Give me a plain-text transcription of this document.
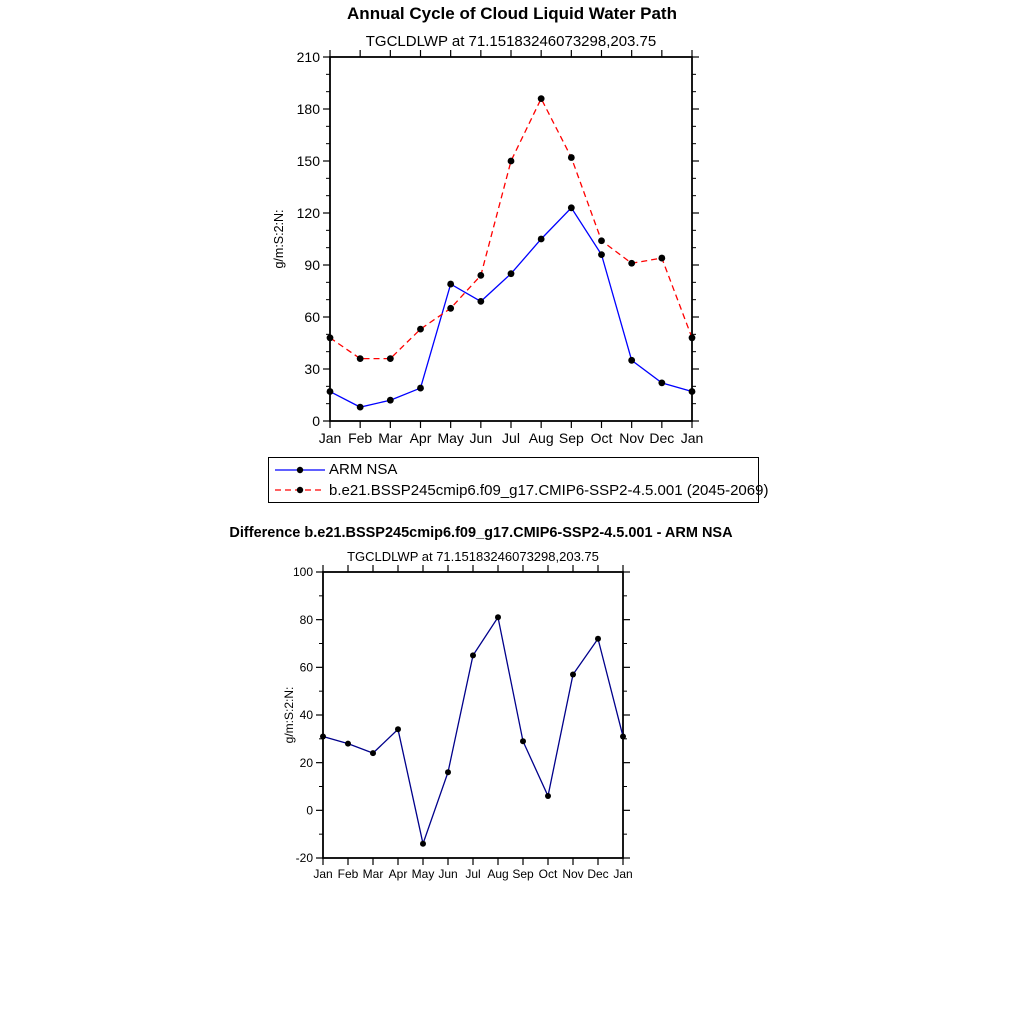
0
30
60
90
120
150
180
210
Jan Feb Mar Apr May Jun Jul Aug Sep Oct Nov Dec Jan
-20
0
20
40
60
80
100
Jan Feb Mar Apr May Jun Jul Aug Sep Oct Nov Dec Jan
Annual Cycle of Cloud Liquid Water Path
TGCLDLWP at 71.15183246073298,203.75
g/m:S:2:N:
ARM NSA
b.e21.BSSP245cmip6.f09_g17.CMIP6-SSP2-4.5.001 (2045-2069)
Difference b.e21.BSSP245cmip6.f09_g17.CMIP6-SSP2-4.5.001 - ARM NSA
TGCLDLWP at 71.15183246073298,203.75
g/m:S:2:N:
